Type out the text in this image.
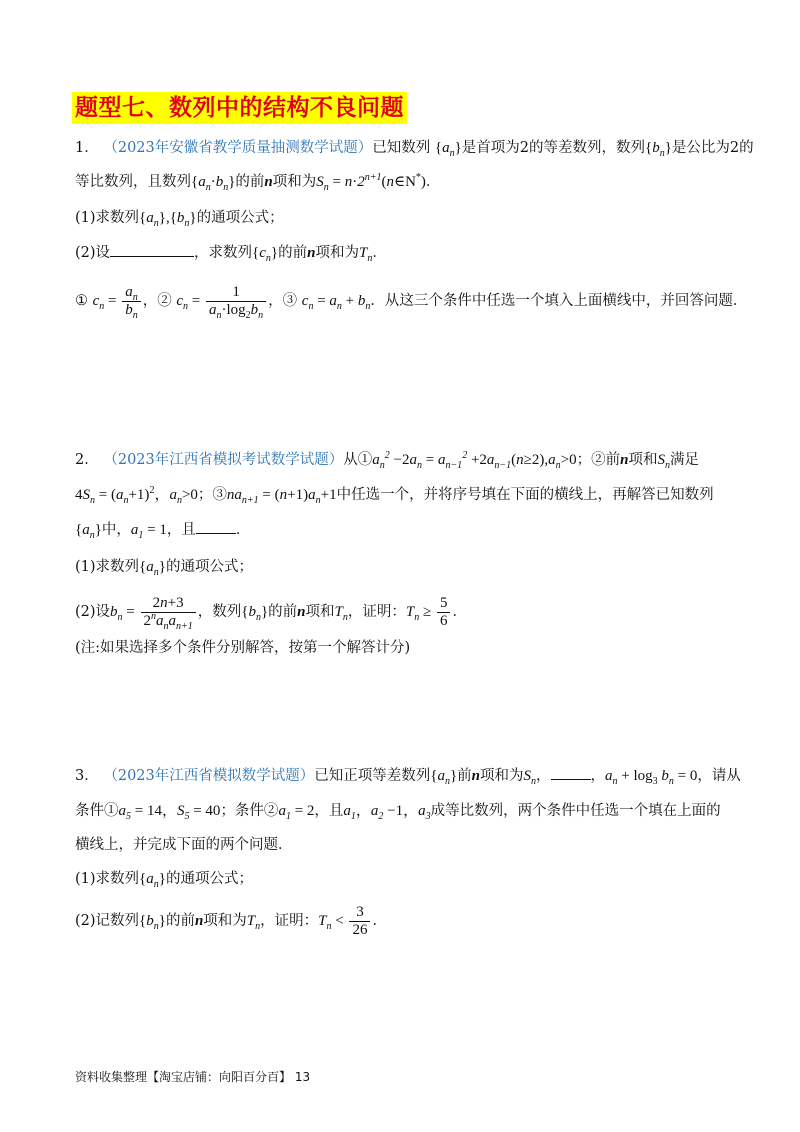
题型七、数列中的结构不良问题
1． （2023年安徽省教学质量抽测数学试题）已知数列 $\{a_n\}$是首项为2的等差数列，数列$\{b_n\}$是公比为2的
等比数列，且数列$\{a_n\cdot b_n\}$的前n项和为$S_n$ = $n\cdot 2^{n+1}(n\in N^*)$．
(1)求数列$\{a_n\},\{b_n\}$的通项公式；
(2)设	，求数列$\{c_n\}$的前n项和为$T_n$．
① $c_n = \frac{a_n}{b_n}$ ，② $c_n = \frac{1}{a_n\cdot\log_2b_n}$ ，③ $c_n = a_n + b_n$．从这三个条件中任选一个填入上面横线中，并回答问题．
2． （2023年江西省模拟考试数学试题）从$①a_n^2 -2a_n = a_{n-1}^2 +2a_{n-1}(n\ge 2),a_n>0$；②前n项和$S_n$满足
$4S_n = (a_n+1)^2$，$a_n>0$；$③na_{n+1} = (n+1)a_n+1$中任选一个，并将序号填在下面的横线上，再解答已知数列
$\{a_n\}$中，$a_1 = 1$，且	．
(1)求数列$\{a_n\}$的通项公式；
(2)设$b_n = \frac{2n+3}{2^na_na_{n+1}}$ ，数列$\{b_n\}$的前n项和$T_n$，证明：$T_n \ge \frac{5}{6}$ ．
(注:如果选择多个条件分别解答，按第一个解答计分)
3． （2023年江西省模拟数学试题）已知正项等差数列$\{a_n\}$前n项和为$S_n$，	，$a_n + \log_3 b_n = 0$，请从
条件$①a_5 = 14$，$S_5 = 40$；条件$②a_1 = 2$，且$a_1$，$a_2 -1$，$a_3$成等比数列，两个条件中任选一个填在上面的
横线上，并完成下面的两个问题．
(1)求数列$\{a_n\}$的通项公式；
(2)记数列$\{b_n\}$的前n项和为$T_n$，证明：$T_n < \frac{3}{26}$ ．
资料收集整理【淘宝店铺：向阳百分百】 13
